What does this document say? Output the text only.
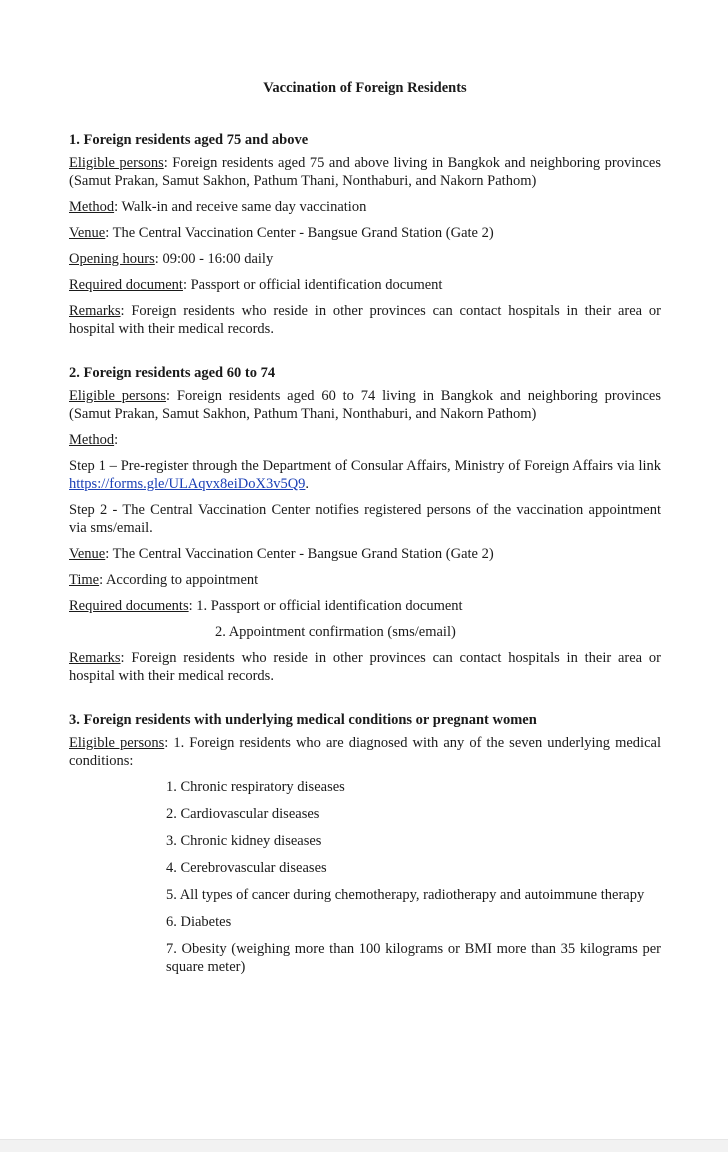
Vaccination of Foreign Residents
1. Foreign residents aged 75 and above

Eligible persons: Foreign residents aged 75 and above living in Bangkok and neighboring provinces (Samut Prakan, Samut Sakhon, Pathum Thani, Nonthaburi, and Nakorn Pathom)

Method: Walk-in and receive same day vaccination

Venue: The Central Vaccination Center - Bangsue Grand Station (Gate 2)

Opening hours: 09:00 - 16:00 daily

Required document: Passport or official identification document

Remarks: Foreign residents who reside in other provinces can contact hospitals in their area or hospital with their medical records.

2. Foreign residents aged 60 to 74

Eligible persons: Foreign residents aged 60 to 74 living in Bangkok and neighboring provinces (Samut Prakan, Samut Sakhon, Pathum Thani, Nonthaburi, and Nakorn Pathom)

Method:

Step 1 – Pre-register through the Department of Consular Affairs, Ministry of Foreign Affairs via link https://forms.gle/ULAqvx8eiDoX3v5Q9.

Step 2 - The Central Vaccination Center notifies registered persons of the vaccination appointment via sms/email.

Venue: The Central Vaccination Center - Bangsue Grand Station (Gate 2)

Time: According to appointment

Required documents: 1. Passport or official identification document

2. Appointment confirmation (sms/email)

Remarks: Foreign residents who reside in other provinces can contact hospitals in their area or hospital with their medical records.

3. Foreign residents with underlying medical conditions or pregnant women

Eligible persons: 1. Foreign residents who are diagnosed with any of the seven underlying medical conditions:

1. Chronic respiratory diseases
2. Cardiovascular diseases
3. Chronic kidney diseases
4. Cerebrovascular diseases
5. All types of cancer during chemotherapy, radiotherapy and autoimmune therapy
6. Diabetes
7. Obesity (weighing more than 100 kilograms or BMI more than 35 kilograms per square meter)
